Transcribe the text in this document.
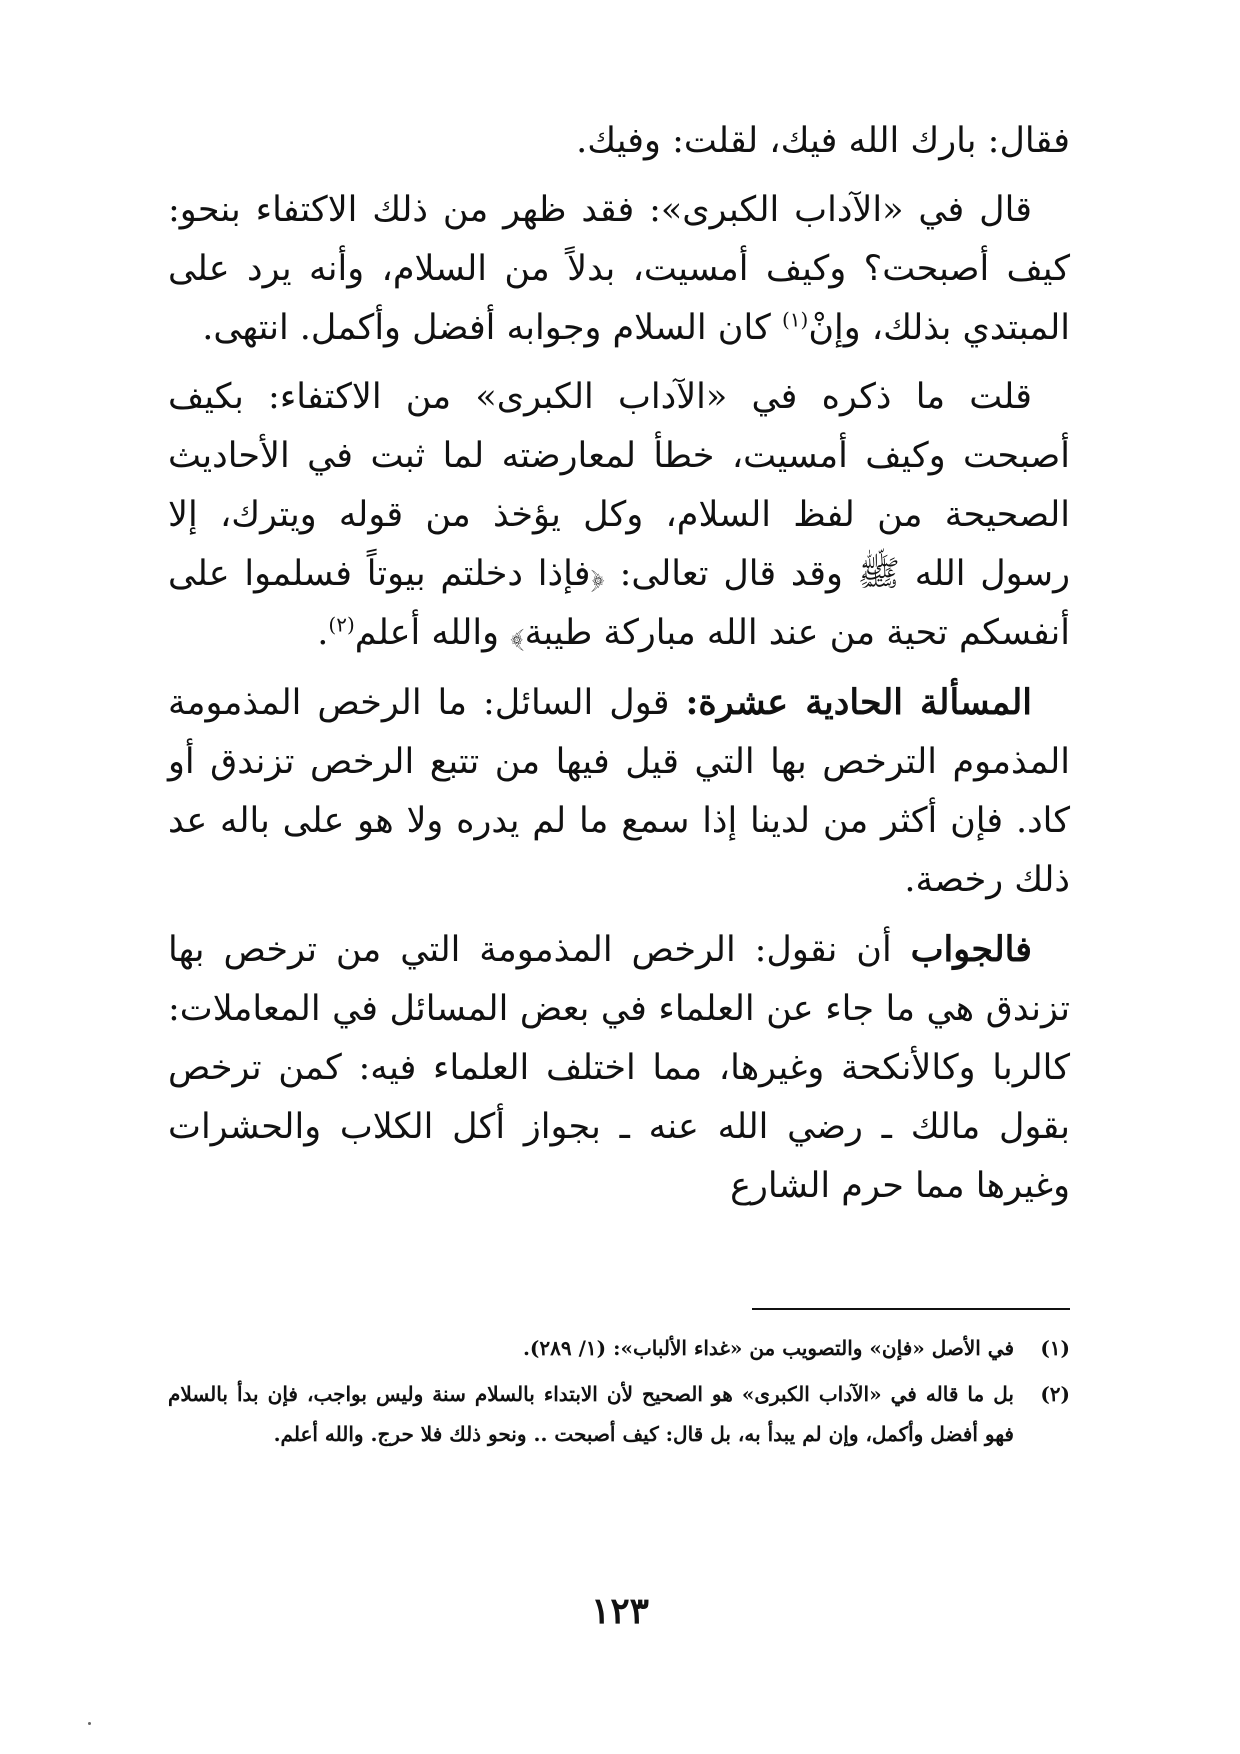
فقال: بارك الله فيك، لقلت: وفيك.

قال في «الآداب الكبرى»: فقد ظهر من ذلك الاكتفاء بنحو: كيف أصبحت؟ وكيف أمسيت، بدلاً من السلام، وأنه يرد على المبتدي بذلك، وإنْ$^{(١)}$ كان السلام وجوابه أفضل وأكمل. انتهى.

قلت ما ذكره في «الآداب الكبرى» من الاكتفاء: بكيف أصبحت وكيف أمسيت، خطأ لمعارضته لما ثبت في الأحاديث الصحيحة من لفظ السلام، وكل يؤخذ من قوله ويترك، إلا رسول الله ﷺ وقد قال تعالى: ﴿فإذا دخلتم بيوتاً فسلموا على أنفسكم تحية من عند الله مباركة طيبة﴾ والله أعلم$^{(٢)}$.

المسألة الحادية عشرة: قول السائل: ما الرخص المذمومة المذموم الترخص بها التي قيل فيها من تتبع الرخص تزندق أو كاد. فإن أكثر من لدينا إذا سمع ما لم يدره ولا هو على باله عد ذلك رخصة.

فالجواب أن نقول: الرخص المذمومة التي من ترخص بها تزندق هي ما جاء عن العلماء في بعض المسائل في المعاملات: كالربا وكالأنكحة وغيرها، مما اختلف العلماء فيه: كمن ترخص بقول مالك ـ رضي الله عنه ـ بجواز أكل الكلاب والحشرات وغيرها مما حرم الشارع

(١)
في الأصل «فإن» والتصويب من «غداء الألباب»: (١/ ٢٨٩).
(٢)
بل ما قاله في «الآداب الكبرى» هو الصحيح لأن الابتداء بالسلام سنة وليس بواجب، فإن بدأ بالسلام فهو أفضل وأكمل، وإن لم يبدأ به، بل قال: كيف أصبحت .. ونحو ذلك فلا حرج. والله أعلم.
١٢٣
